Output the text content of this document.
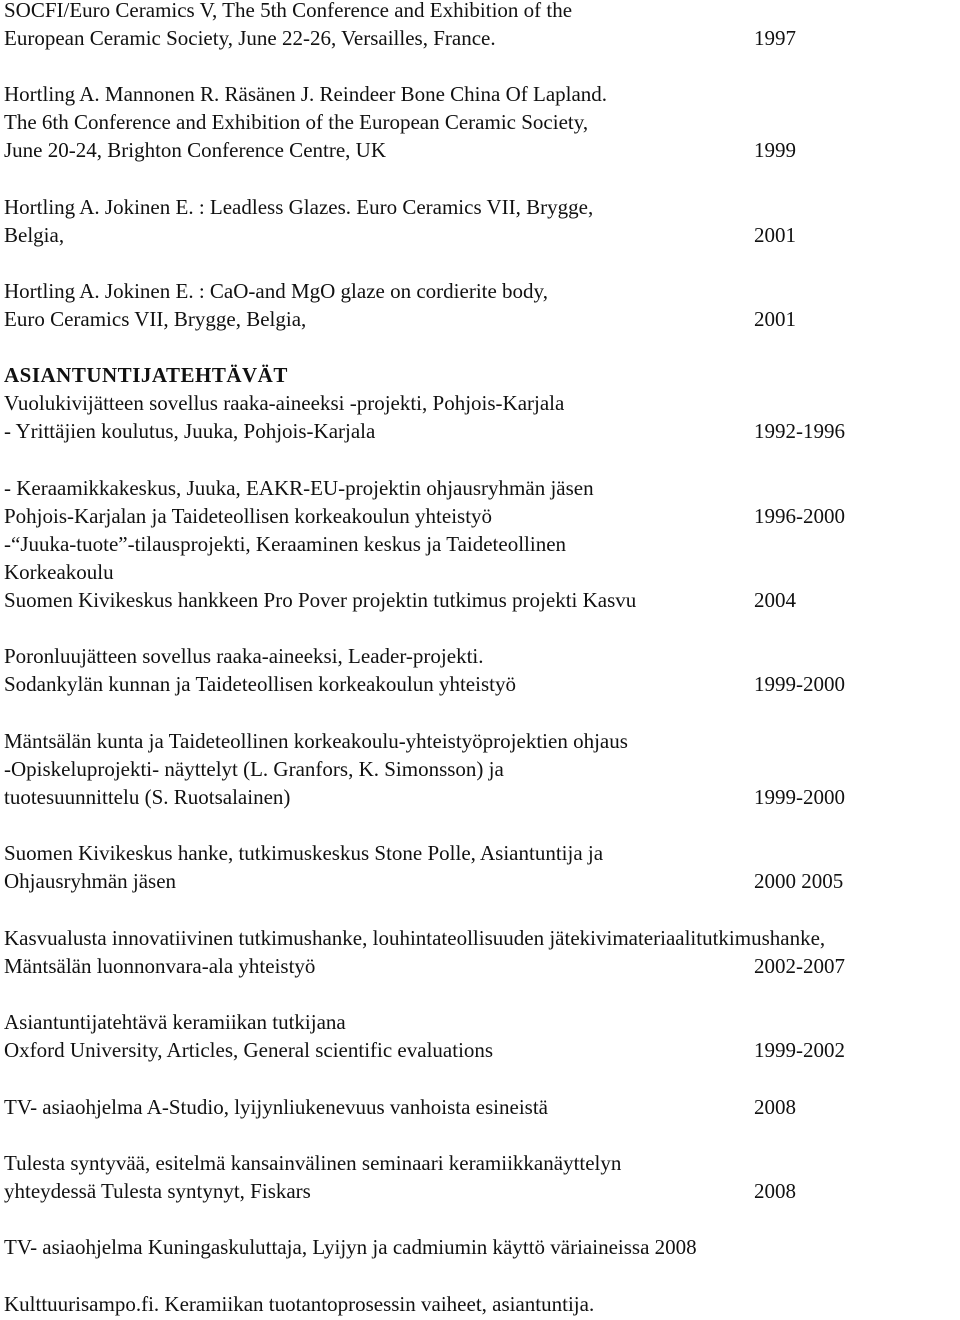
SOCFI/Euro Ceramics V, The 5th Conference and Exhibition of the
European Ceramic Society, June 22-26, Versailles, France.	1997
Hortling A. Mannonen R. Räsänen J. Reindeer Bone China Of Lapland.
The 6th Conference and Exhibition of the European Ceramic Society,
June 20-24, Brighton Conference Centre, UK	1999
Hortling A. Jokinen E. : Leadless Glazes. Euro Ceramics VII, Brygge,
Belgia,	2001
Hortling A. Jokinen E. : CaO-and MgO glaze on cordierite body,
Euro Ceramics VII, Brygge, Belgia,	2001
ASIANTUNTIJATEHTÄVÄT
Vuolukivijätteen sovellus raaka-aineeksi -projekti, Pohjois-Karjala
- Yrittäjien koulutus, Juuka, Pohjois-Karjala	1992-1996
- Keraamikkakeskus, Juuka, EAKR-EU-projektin ohjausryhmän jäsen
Pohjois-Karjalan ja Taideteollisen korkeakoulun yhteistyö	1996-2000
-“Juuka-tuote”-tilausprojekti, Keraaminen keskus ja Taideteollinen
Korkeakoulu
Suomen Kivikeskus hankkeen Pro Pover projektin tutkimus projekti Kasvu	2004
Poronluujätteen sovellus raaka-aineeksi, Leader-projekti.
Sodankylän kunnan ja Taideteollisen korkeakoulun yhteistyö	1999-2000
Mäntsälän kunta ja Taideteollinen korkeakoulu-yhteistyöprojektien ohjaus
-Opiskeluprojekti- näyttelyt (L. Granfors, K. Simonsson) ja
tuotesuunnittelu (S. Ruotsalainen)	1999-2000
Suomen Kivikeskus hanke, tutkimuskeskus Stone Polle, Asiantuntija ja
Ohjausryhmän jäsen	2000 2005
Kasvualusta innovatiivinen tutkimushanke, louhintateollisuuden jätekivimateriaalitutkimushanke,
Mäntsälän luonnonvara-ala yhteistyö	2002-2007
Asiantuntijatehtävä keramiikan tutkijana
Oxford University, Articles, General scientific evaluations	1999-2002
TV- asiaohjelma A-Studio, lyijynliukenevuus vanhoista esineistä	2008
Tulesta syntyvää, esitelmä kansainvälinen seminaari keramiikkanäyttelyn
yhteydessä Tulesta syntynyt, Fiskars	2008
TV- asiaohjelma Kuningaskuluttaja, Lyijyn ja cadmiumin käyttö väriaineissa 2008
Kulttuurisampo.fi. Keramiikan tuotantoprosessin vaiheet, asiantuntija.
